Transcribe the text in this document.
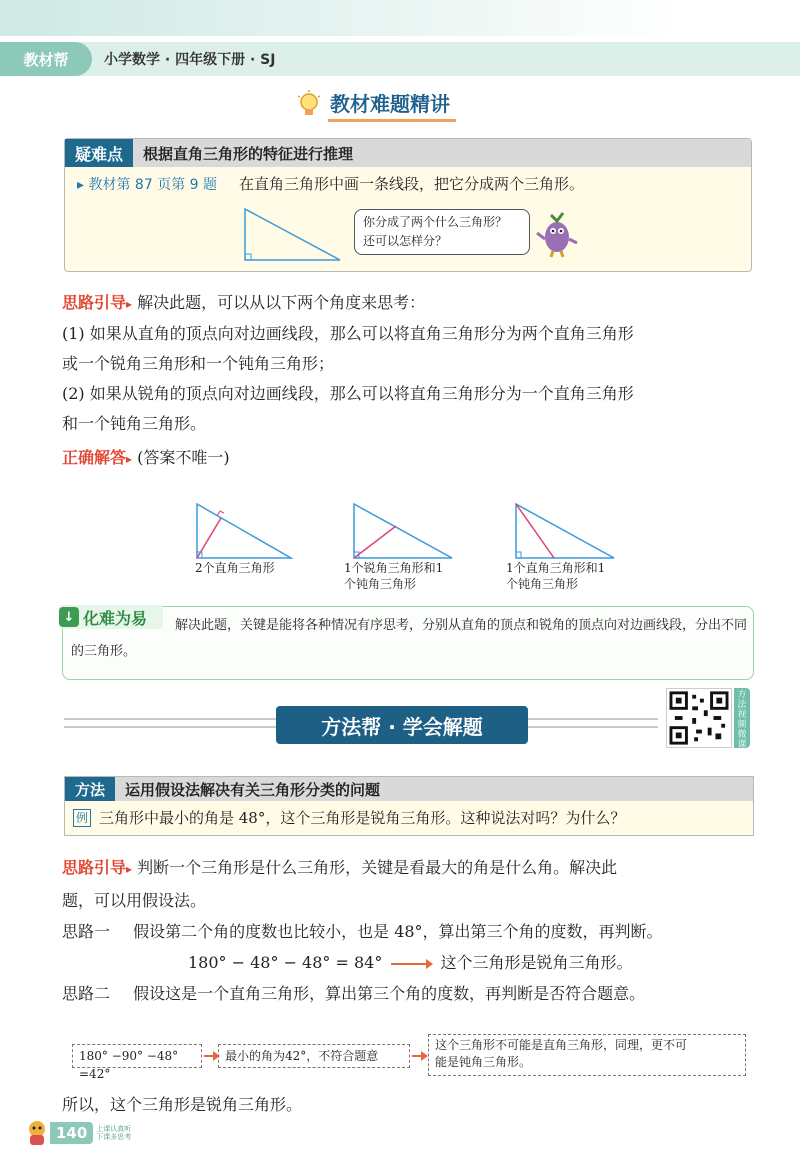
教材帮	小学数学 · 四年级下册 · SJ
教材难题精讲
疑难点	根据直角三角形的特征进行推理
▸ 教材第 87 页第 9 题 在直角三角形中画一条线段，把它分成两个三角形。
你分成了两个什么三角形？
还可以怎样分？
思路引导▸ 解决此题，可以从以下两个角度来思考：
(1) 如果从直角的顶点向对边画线段，那么可以将直角三角形分为两个直角三角形
或一个锐角三角形和一个钝角三角形；
(2) 如果从锐角的顶点向对边画线段，那么可以将直角三角形分为一个直角三角形
和一个钝角三角形。
正确解答▸ (答案不唯一)
2个直角三角形	1个锐角三角形和1
个钝角三角形
1个直角三角形和1
个钝角三角形
↓ 化难为易	解决此题，关键是能将各种情况有序思考，分别从直角的顶点和锐角的顶点向对边画线段，分出不同的三角形。
方法帮 · 学会解题
方法视频微课
方法	运用假设法解决有关三角形分类的问题
例 三角形中最小的角是 48°，这个三角形是锐角三角形。这种说法对吗？为什么？
思路引导▸ 判断一个三角形是什么三角形，关键是看最大的角是什么角。解决此
题，可以用假设法。
思路一 假设第二个角的度数也比较小，也是 48°，算出第三个角的度数，再判断。
180° − 48° − 48° = 84°	这个三角形是锐角三角形。
思路二 假设这是一个直角三角形，算出第三个角的度数，再判断是否符合题意。
180° −90° −48° =42°
最小的角为42°，不符合题意
这个三角形不可能是直角三角形，同理，更不可
能是钝角三角形。
所以，这个三角形是锐角三角形。
140	上课认真听
下课多思考
